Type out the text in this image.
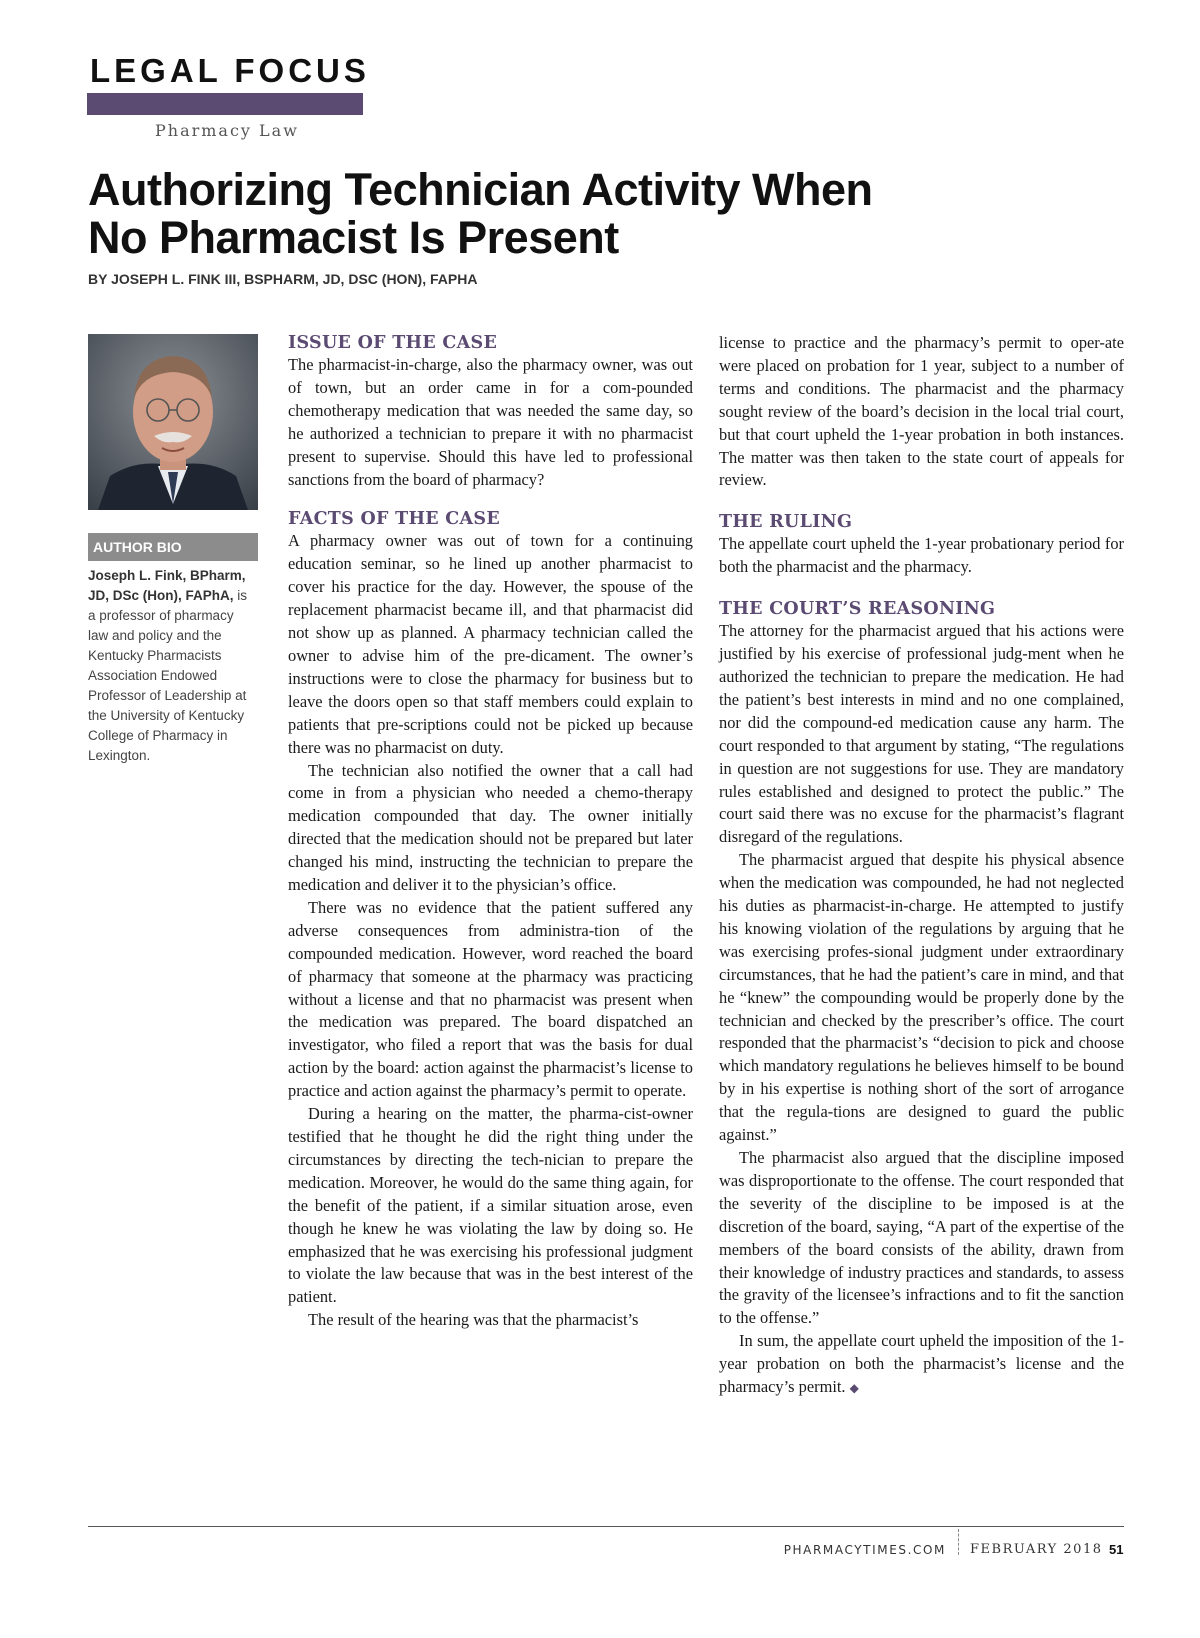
LEGAL FOCUS
Pharmacy Law
Authorizing Technician Activity When
No Pharmacist Is Present
BY JOSEPH L. FINK III, BSPHARM, JD, DSC (HON), FAPHA
AUTHOR BIO
Joseph L. Fink, BPharm, JD, DSc (Hon), FAPhA, is a professor of pharmacy law and policy and the Kentucky Pharmacists Association Endowed Professor of Leadership at the University of Kentucky College of Pharmacy in Lexington.
ISSUE OF THE CASE

The pharmacist-in-charge, also the pharmacy owner, was out of town, but an order came in for a com-pounded chemotherapy medication that was needed the same day, so he authorized a technician to prepare it with no pharmacist present to supervise. Should this have led to professional sanctions from the board of pharmacy?

FACTS OF THE CASE

A pharmacy owner was out of town for a continuing education seminar, so he lined up another pharmacist to cover his practice for the day. However, the spouse of the replacement pharmacist became ill, and that pharmacist did not show up as planned. A pharmacy technician called the owner to advise him of the pre-dicament. The owner’s instructions were to close the pharmacy for business but to leave the doors open so that staff members could explain to patients that pre-scriptions could not be picked up because there was no pharmacist on duty.

The technician also notified the owner that a call had come in from a physician who needed a chemo-therapy medication compounded that day. The owner initially directed that the medication should not be prepared but later changed his mind, instructing the technician to prepare the medication and deliver it to the physician’s office.

There was no evidence that the patient suffered any adverse consequences from administra-tion of the compounded medication. However, word reached the board of pharmacy that someone at the pharmacy was practicing without a license and that no pharmacist was present when the medication was prepared. The board dispatched an investigator, who filed a report that was the basis for dual action by the board: action against the pharmacist’s license to practice and action against the pharmacy’s permit to operate.

During a hearing on the matter, the pharma-cist-owner testified that he thought he did the right thing under the circumstances by directing the tech-nician to prepare the medication. Moreover, he would do the same thing again, for the benefit of the patient, if a similar situation arose, even though he knew he was violating the law by doing so. He emphasized that he was exercising his professional judgment to violate the law because that was in the best interest of the patient.

The result of the hearing was that the pharmacist’s

license to practice and the pharmacy’s permit to oper-ate were placed on probation for 1 year, subject to a number of terms and conditions. The pharmacist and the pharmacy sought review of the board’s decision in the local trial court, but that court upheld the 1-year probation in both instances. The matter was then taken to the state court of appeals for review.

THE RULING

The appellate court upheld the 1-year probationary period for both the pharmacist and the pharmacy.

THE COURT’S REASONING

The attorney for the pharmacist argued that his actions were justified by his exercise of professional judg-ment when he authorized the technician to prepare the medication. He had the patient’s best interests in mind and no one complained, nor did the compound-ed medication cause any harm. The court responded to that argument by stating, “The regulations in question are not suggestions for use. They are mandatory rules established and designed to protect the public.” The court said there was no excuse for the pharmacist’s flagrant disregard of the regulations.

The pharmacist argued that despite his physical absence when the medication was compounded, he had not neglected his duties as pharmacist-in-charge. He attempted to justify his knowing violation of the regulations by arguing that he was exercising profes-sional judgment under extraordinary circumstances, that he had the patient’s care in mind, and that he “knew” the compounding would be properly done by the technician and checked by the prescriber’s office. The court responded that the pharmacist’s “decision to pick and choose which mandatory regulations he believes himself to be bound by in his expertise is nothing short of the sort of arrogance that the regula-tions are designed to guard the public against.”

The pharmacist also argued that the discipline imposed was disproportionate to the offense. The court responded that the severity of the discipline to be imposed is at the discretion of the board, saying, “A part of the expertise of the members of the board consists of the ability, drawn from their knowledge of industry practices and standards, to assess the gravity of the licensee’s infractions and to fit the sanction to the offense.”

In sum, the appellate court upheld the imposition of the 1-year probation on both the pharmacist’s license and the pharmacy’s permit. ◆

PHARMACYTIMES.COM FEBRUARY 2018 51
